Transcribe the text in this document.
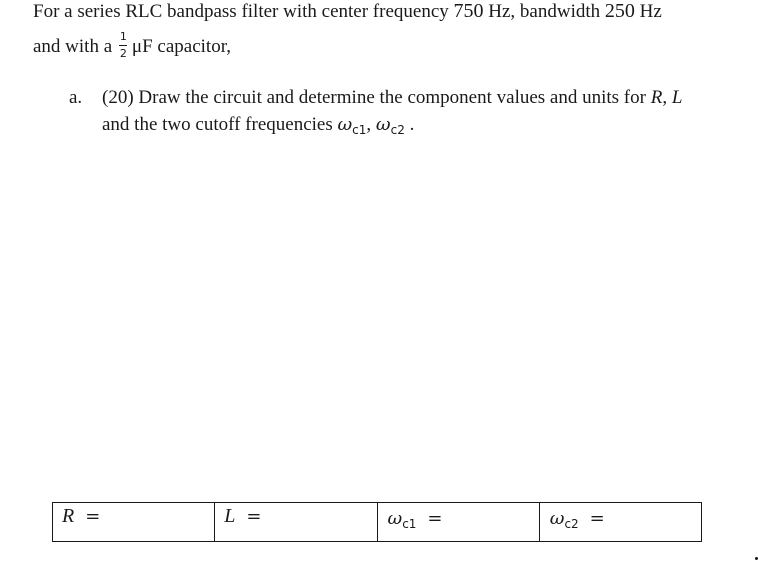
For a series RLC bandpass filter with center frequency 750 Hz, bandwidth 250 Hz
and with a $\frac{1}{2}$ μF capacitor,
a. (20) Draw the circuit and determine the component values and units for R, L
and the two cutoff frequencies $\omega_{c1}$, $\omega_{c2}$ .
R =	L =	$\omega_{c1}$ =	$\omega_{c2}$ =
